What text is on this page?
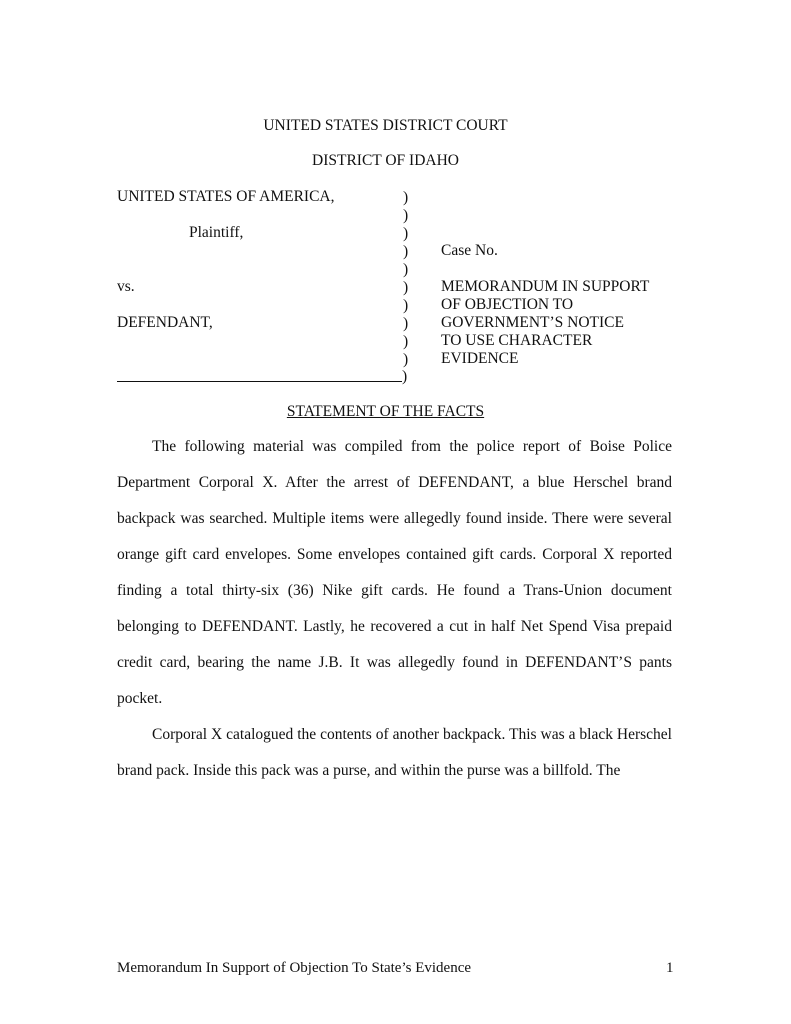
UNITED STATES DISTRICT COURT
DISTRICT OF IDAHO
UNITED STATES OF AMERICA,
Plaintiff,
vs.
DEFENDANT,
)
)
)
)
)
)
)
)
)
)
)
Case No.
MEMORANDUM IN SUPPORT
OF OBJECTION TO
GOVERNMENT’S NOTICE
TO USE CHARACTER
EVIDENCE
STATEMENT OF THE FACTS

The following material was compiled from the police report of Boise Police Department Corporal X. After the arrest of DEFENDANT, a blue Herschel brand backpack was searched. Multiple items were allegedly found inside. There were several orange gift card envelopes. Some envelopes contained gift cards. Corporal X reported finding a total thirty-six (36) Nike gift cards. He found a Trans-Union document belonging to DEFENDANT. Lastly, he recovered a cut in half Net Spend Visa prepaid credit card, bearing the name J.B. It was allegedly found in DEFENDANT’S pants pocket.

Corporal X catalogued the contents of another backpack. This was a black Herschel brand pack. Inside this pack was a purse, and within the purse was a billfold. The

Memorandum In Support of Objection To State’s Evidence	1
